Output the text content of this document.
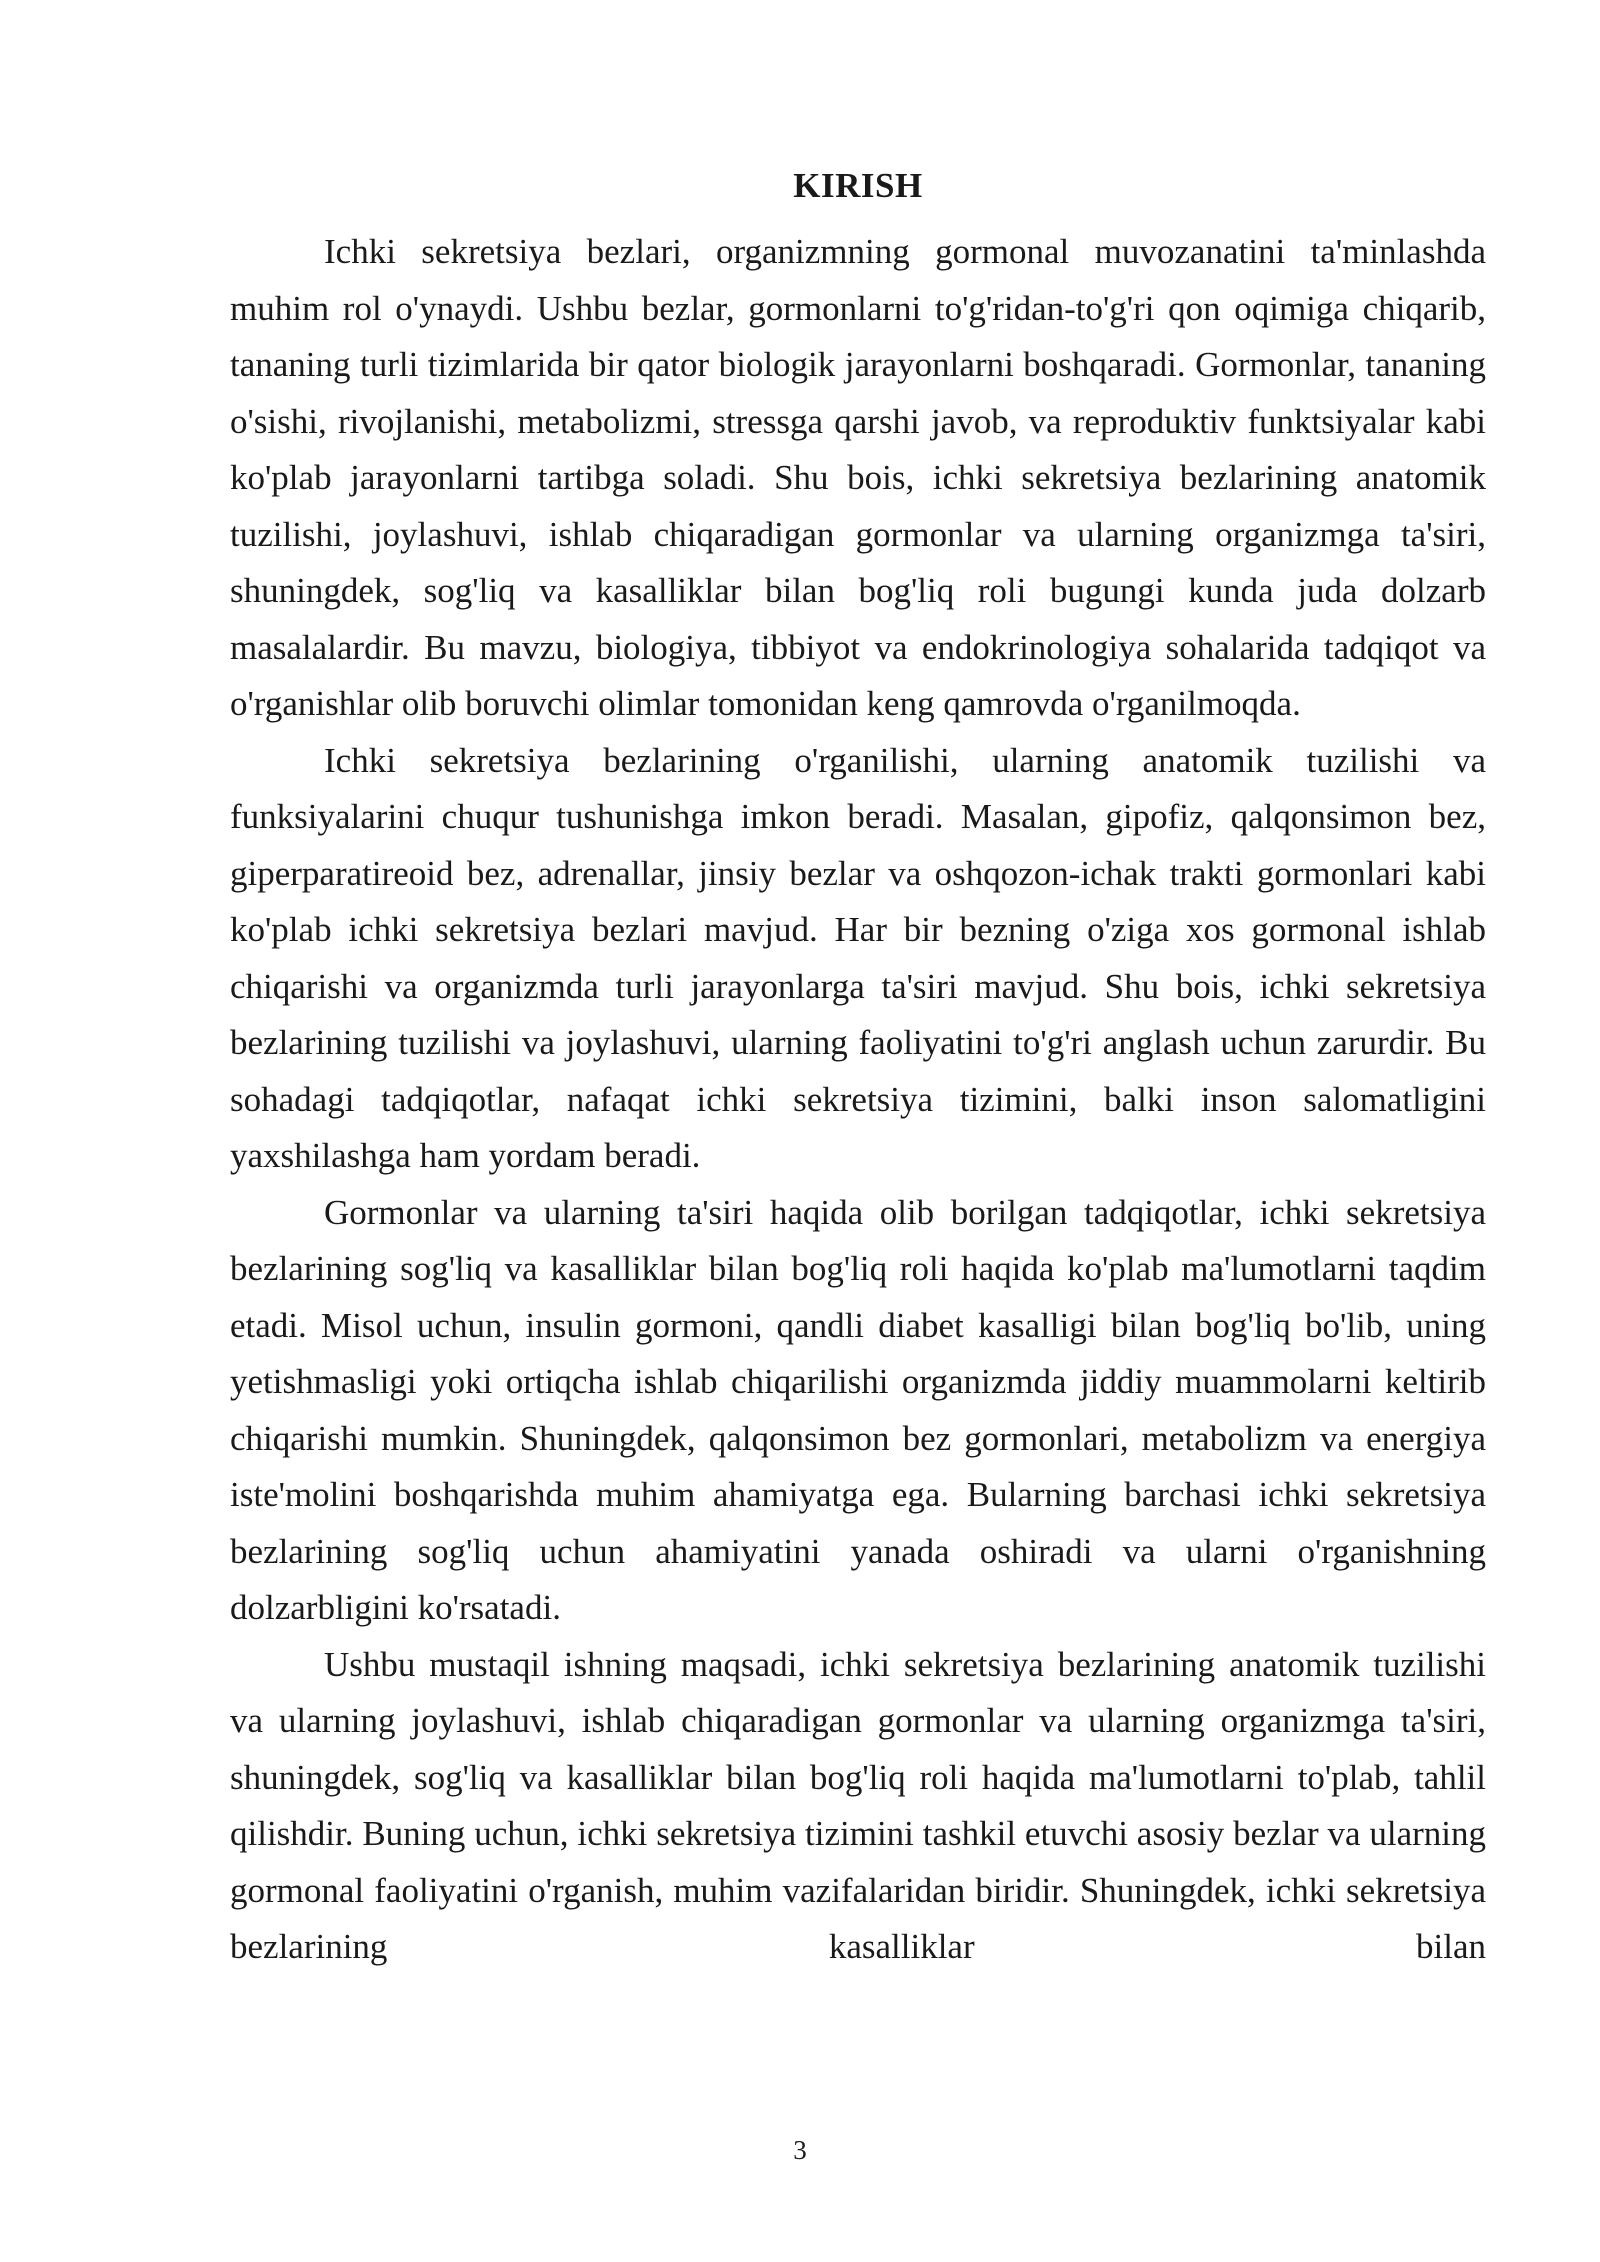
KIRISH

Ichki sekretsiya bezlari, organizmning gormonal muvozanatini ta'minlashda muhim rol o'ynaydi. Ushbu bezlar, gormonlarni to'g'ridan-to'g'ri qon oqimiga chiqarib, tananing turli tizimlarida bir qator biologik jarayonlarni boshqaradi. Gormonlar, tananing o'sishi, rivojlanishi, metabolizmi, stressga qarshi javob, va reproduktiv funktsiyalar kabi ko'plab jarayonlarni tartibga soladi. Shu bois, ichki sekretsiya bezlarining anatomik tuzilishi, joylashuvi, ishlab chiqaradigan gormonlar va ularning organizmga ta'siri, shuningdek, sog'liq va kasalliklar bilan bog'liq roli bugungi kunda juda dolzarb masalalardir. Bu mavzu, biologiya, tibbiyot va endokrinologiya sohalarida tadqiqot va o'rganishlar olib boruvchi olimlar tomonidan keng qamrovda o'rganilmoqda.

Ichki sekretsiya bezlarining o'rganilishi, ularning anatomik tuzilishi va funksiyalarini chuqur tushunishga imkon beradi. Masalan, gipofiz, qalqonsimon bez, giperparatireoid bez, adrenallar, jinsiy bezlar va oshqozon-ichak trakti gormonlari kabi ko'plab ichki sekretsiya bezlari mavjud. Har bir bezning o'ziga xos gormonal ishlab chiqarishi va organizmda turli jarayonlarga ta'siri mavjud. Shu bois, ichki sekretsiya bezlarining tuzilishi va joylashuvi, ularning faoliyatini to'g'ri anglash uchun zarurdir. Bu sohadagi tadqiqotlar, nafaqat ichki sekretsiya tizimini, balki inson salomatligini yaxshilashga ham yordam beradi.

Gormonlar va ularning ta'siri haqida olib borilgan tadqiqotlar, ichki sekretsiya bezlarining sog'liq va kasalliklar bilan bog'liq roli haqida ko'plab ma'lumotlarni taqdim etadi. Misol uchun, insulin gormoni, qandli diabet kasalligi bilan bog'liq bo'lib, uning yetishmasligi yoki ortiqcha ishlab chiqarilishi organizmda jiddiy muammolarni keltirib chiqarishi mumkin. Shuningdek, qalqonsimon bez gormonlari, metabolizm va energiya iste'molini boshqarishda muhim ahamiyatga ega. Bularning barchasi ichki sekretsiya bezlarining sog'liq uchun ahamiyatini yanada oshiradi va ularni o'rganishning dolzarbligini ko'rsatadi.

Ushbu mustaqil ishning maqsadi, ichki sekretsiya bezlarining anatomik tuzilishi va ularning joylashuvi, ishlab chiqaradigan gormonlar va ularning organizmga ta'siri, shuningdek, sog'liq va kasalliklar bilan bog'liq roli haqida ma'lumotlarni to'plab, tahlil qilishdir. Buning uchun, ichki sekretsiya tizimini tashkil etuvchi asosiy bezlar va ularning gormonal faoliyatini o'rganish, muhim vazifalaridan biridir. Shuningdek, ichki sekretsiya bezlarining kasalliklar bilan

3
